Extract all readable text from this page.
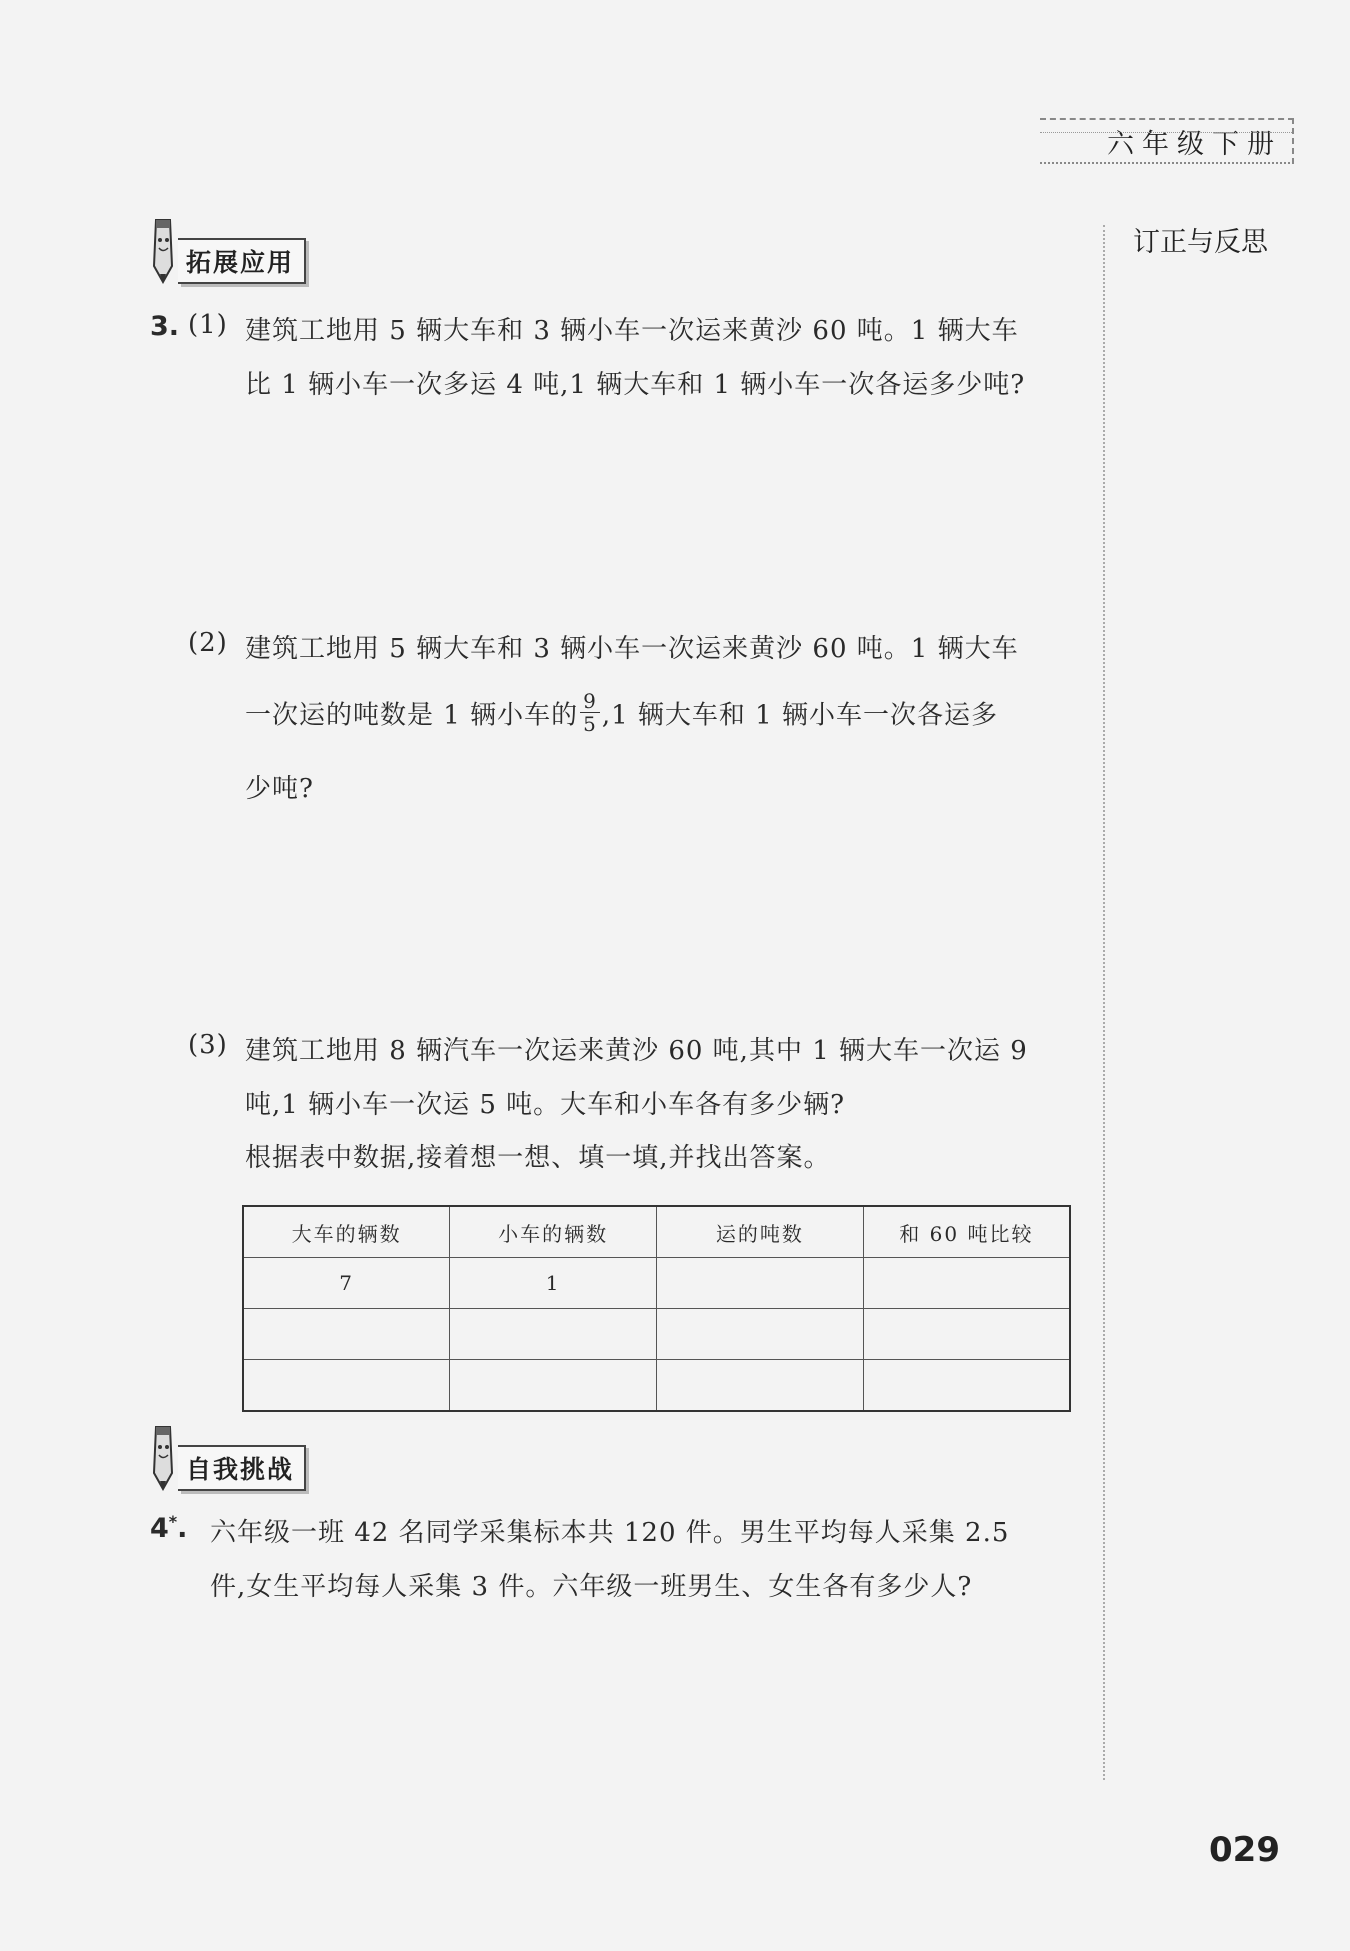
六年级下册
订正与反思
拓展应用
3. (1) 建筑工地用 5 辆大车和 3 辆小车一次运来黄沙 60 吨。1 辆大车
比 1 辆小车一次多运 4 吨,1 辆大车和 1 辆小车一次各运多少吨?
(2) 建筑工地用 5 辆大车和 3 辆小车一次运来黄沙 60 吨。1 辆大车
一次运的吨数是 1 辆小车的 $\frac{9}{5} ,1$ 辆大车和 1 辆小车一次各运多
少吨?
(3) 建筑工地用 8 辆汽车一次运来黄沙 60 吨,其中 1 辆大车一次运 9
吨,1 辆小车一次运 5 吨。大车和小车各有多少辆?
根据表中数据,接着想一想、填一填,并找出答案。
大车的辆数	小车的辆数	运的吨数	和 60 吨比较
7	1		

自我挑战
4*. 六年级一班 42 名同学采集标本共 120 件。男生平均每人采集 2.5
件,女生平均每人采集 3 件。六年级一班男生、女生各有多少人?
029
